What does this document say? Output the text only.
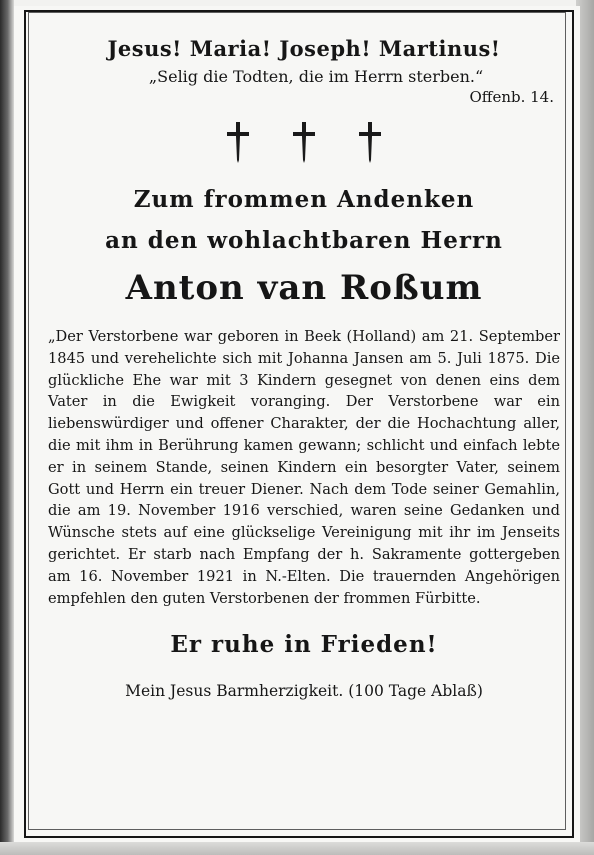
Jesus! Maria! Joseph! Martinus!
„Selig die Todten, die im Herrn sterben.“
Offenb. 14.
Zum frommen Andenken
an den wohlachtbaren Herrn
Anton van Roßum
„Der Verstorbene war geboren in Beek (Holland) am 21. September 1845 und verehelichte sich mit Johanna Jansen am 5. Juli 1875. Die glückliche Ehe war mit 3 Kindern gesegnet von denen eins dem Vater in die Ewigkeit voranging. Der Verstorbene war ein liebenswürdiger und offener Charakter, der die Hochachtung aller, die mit ihm in Berührung kamen gewann; schlicht und einfach lebte er in seinem Stande, seinen Kindern ein besorgter Vater, seinem Gott und Herrn ein treuer Diener. Nach dem Tode seiner Gemahlin, die am 19. November 1916 verschied, waren seine Gedanken und Wünsche stets auf eine glückselige Vereinigung mit ihr im Jenseits gerichtet. Er starb nach Empfang der h. Sakramente gottergeben am 16. November 1921 in N.-Elten. Die trauernden Angehörigen empfehlen den guten Verstorbenen der frommen Fürbitte.
Er ruhe in Frieden!
Mein Jesus Barmherzigkeit. (100 Tage Ablaß)
